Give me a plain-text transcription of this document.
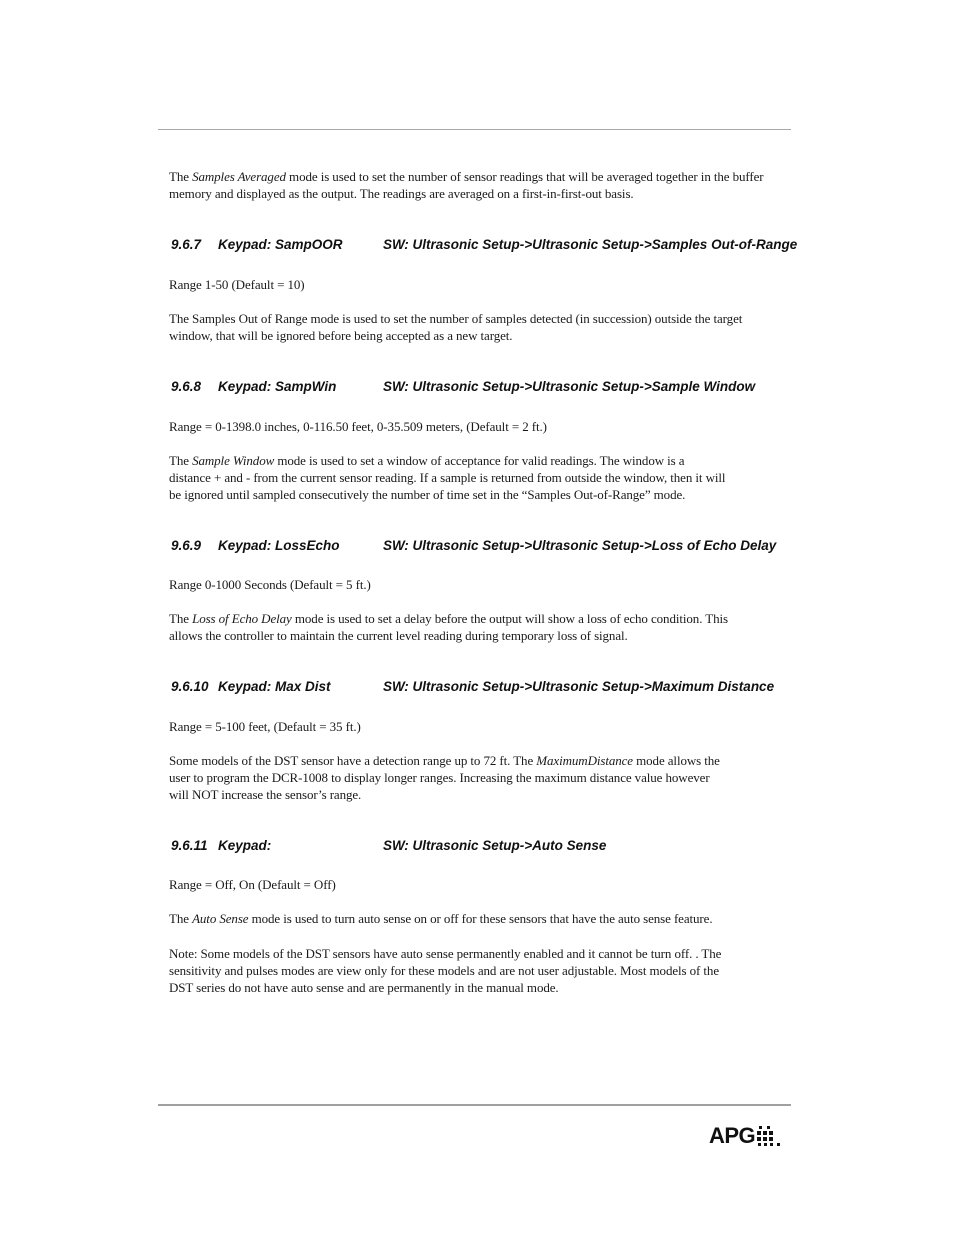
The Samples Averaged mode is used to set the number of sensor readings that will be averaged together in the buffer memory and displayed as the output. The readings are averaged on a first-in-first-out basis.

9.6.7 Keypad: SampOOR	SW: Ultrasonic Setup->Ultrasonic Setup->Samples Out-of-Range

Range 1-50 (Default = 10)

The Samples Out of Range mode is used to set the number of samples detected (in succession) outside the target window, that will be ignored before being accepted as a new target.

9.6.8 Keypad: SampWin	SW: Ultrasonic Setup->Ultrasonic Setup->Sample Window

Range = 0-1398.0 inches, 0-116.50 feet, 0-35.509 meters, (Default = 2 ft.)

The Sample Window mode is used to set a window of acceptance for valid readings. The window is a distance + and - from the current sensor reading. If a sample is returned from outside the window, then it will be ignored until sampled consecutively the number of time set in the “Samples Out-of-Range” mode.

9.6.9 Keypad: LossEcho	SW: Ultrasonic Setup->Ultrasonic Setup->Loss of Echo Delay

Range 0-1000 Seconds (Default = 5 ft.)

The Loss of Echo Delay mode is used to set a delay before the output will show a loss of echo condition. This allows the controller to maintain the current level reading during temporary loss of signal.

9.6.10 Keypad: Max Dist	SW: Ultrasonic Setup->Ultrasonic Setup->Maximum Distance

Range = 5-100 feet, (Default = 35 ft.)

Some models of the DST sensor have a detection range up to 72 ft. The MaximumDistance mode allows the user to program the DCR-1008 to display longer ranges. Increasing the maximum distance value however will NOT increase the sensor’s range.

9.6.11 Keypad:	SW: Ultrasonic Setup->Auto Sense

Range = Off, On (Default = Off)

The Auto Sense mode is used to turn auto sense on or off for these sensors that have the auto sense feature.

Note: Some models of the DST sensors have auto sense permanently enabled and it cannot be turn off. . The sensitivity and pulses modes are view only for these models and are not user adjustable. Most models of the DST series do not have auto sense and are permanently in the manual mode.

APG
